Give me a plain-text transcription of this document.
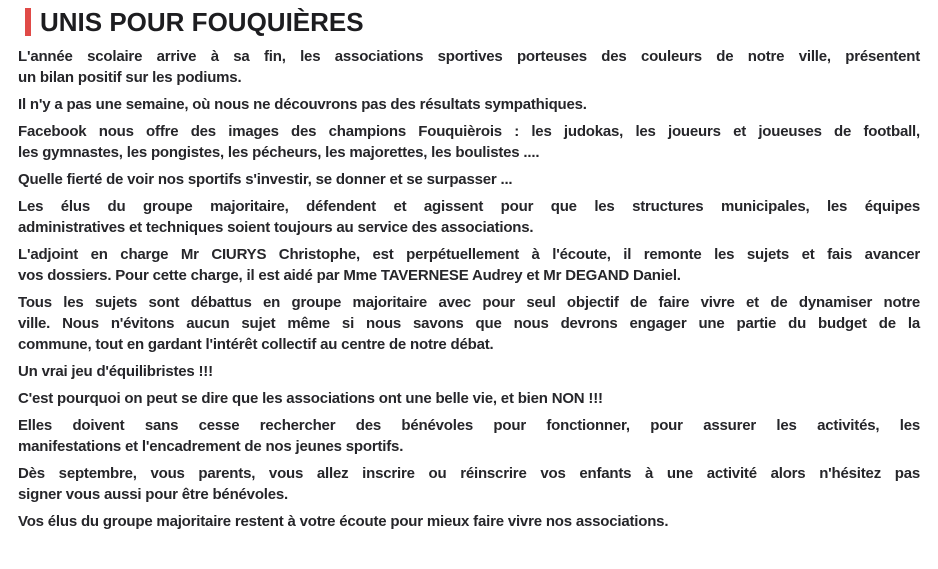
UNIS POUR FOUQUIÈRES
L'année scolaire arrive à sa fin, les associations sportives porteuses des couleurs de notre ville, présentent
un bilan positif sur les podiums.
Il n'y a pas une semaine, où nous ne découvrons pas des résultats sympathiques.
Facebook nous offre des images des champions Fouquièrois : les judokas, les joueurs et joueuses de football,
les gymnastes, les pongistes, les pécheurs, les majorettes, les boulistes ....
Quelle fierté de voir nos sportifs s'investir, se donner et se surpasser ...
Les élus du groupe majoritaire, défendent et agissent pour que les structures municipales, les équipes
administratives et techniques soient toujours au service des associations.
L'adjoint en charge Mr CIURYS Christophe, est perpétuellement à l'écoute, il remonte les sujets et fais avancer
vos dossiers. Pour cette charge, il est aidé par Mme TAVERNESE Audrey et Mr DEGAND Daniel.
Tous les sujets sont débattus en groupe majoritaire avec pour seul objectif de faire vivre et de dynamiser notre
ville. Nous n'évitons aucun sujet même si nous savons que nous devrons engager une partie du budget de la
commune, tout en gardant l'intérêt collectif au centre de notre débat.
Un vrai jeu d'équilibristes !!!
C'est pourquoi on peut se dire que les associations ont une belle vie, et bien NON !!!
Elles doivent sans cesse rechercher des bénévoles pour fonctionner, pour assurer les activités, les
manifestations et l'encadrement de nos jeunes sportifs.
Dès septembre, vous parents, vous allez inscrire ou réinscrire vos enfants à une activité alors n'hésitez pas
signer vous aussi pour être bénévoles.
Vos élus du groupe majoritaire restent à votre écoute pour mieux faire vivre nos associations.
